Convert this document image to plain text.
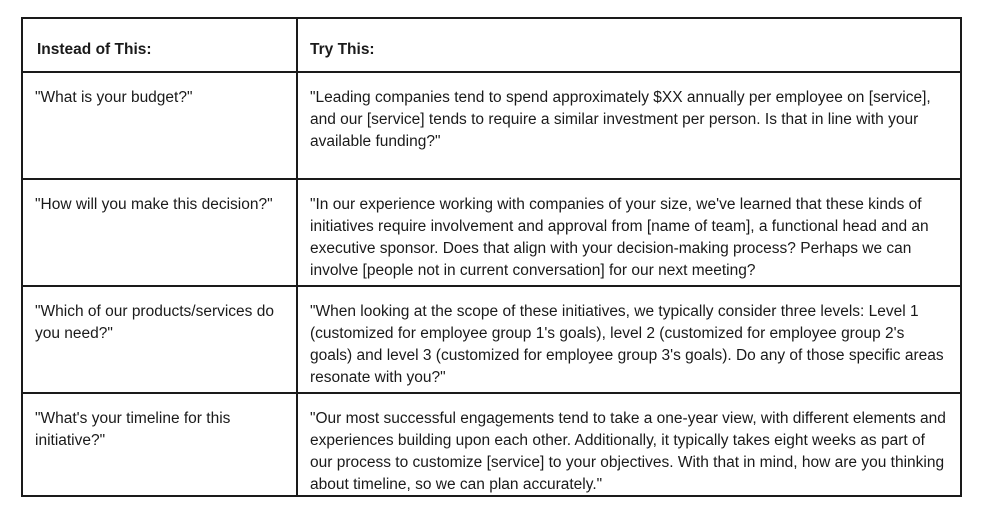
Instead of This:	Try This:

"What is your budget?"	"Leading companies tend to spend approximately $XX annually per employee on [service], and our [service] tends to require a similar investment per person. Is that in line with your available funding?"

"How will you make this decision?"	"In our experience working with companies of your size, we've learned that these kinds of initiatives require involvement and approval from [name of team], a functional head and an executive sponsor. Does that align with your decision-making process? Perhaps we can involve [people not in current conversation] for our next meeting?

"Which of our products/services do you need?"	"When looking at the scope of these initiatives, we typically consider three levels: Level 1 (customized for employee group 1's goals), level 2 (customized for employee group 2's goals) and level 3 (customized for employee group 3's goals). Do any of those specific areas resonate with you?"

"What's your timeline for this initiative?"	"Our most successful engagements tend to take a one-year view, with different elements and experiences building upon each other. Additionally, it typically takes eight weeks as part of our process to customize [service] to your objectives. With that in mind, how are you thinking about timeline, so we can plan accurately."
